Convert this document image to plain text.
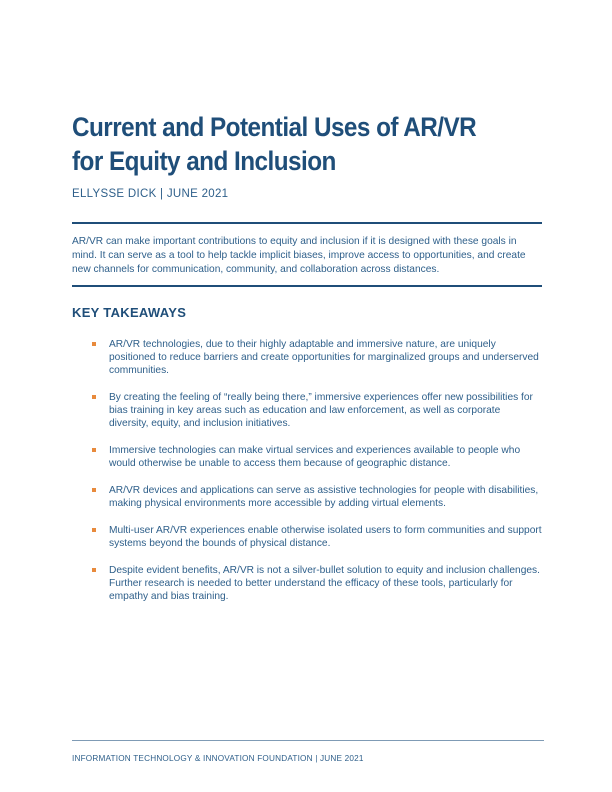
Current and Potential Uses of AR/VR
for Equity and Inclusion
ELLYSSE DICK | JUNE 2021

AR/VR can make important contributions to equity and inclusion if it is designed with these goals in mind. It can serve as a tool to help tackle implicit biases, improve access to opportunities, and create new channels for communication, community, and collaboration across distances.

KEY TAKEAWAYS
AR/VR technologies, due to their highly adaptable and immersive nature, are uniquely positioned to reduce barriers and create opportunities for marginalized groups and underserved communities.
By creating the feeling of “really being there,” immersive experiences offer new possibilities for bias training in key areas such as education and law enforcement, as well as corporate diversity, equity, and inclusion initiatives.
Immersive technologies can make virtual services and experiences available to people who would otherwise be unable to access them because of geographic distance.
AR/VR devices and applications can serve as assistive technologies for people with disabilities, making physical environments more accessible by adding virtual elements.
Multi-user AR/VR experiences enable otherwise isolated users to form communities and support systems beyond the bounds of physical distance.
Despite evident benefits, AR/VR is not a silver-bullet solution to equity and inclusion challenges. Further research is needed to better understand the efficacy of these tools, particularly for empathy and bias training.
INFORMATION TECHNOLOGY & INNOVATION FOUNDATION | JUNE 2021
